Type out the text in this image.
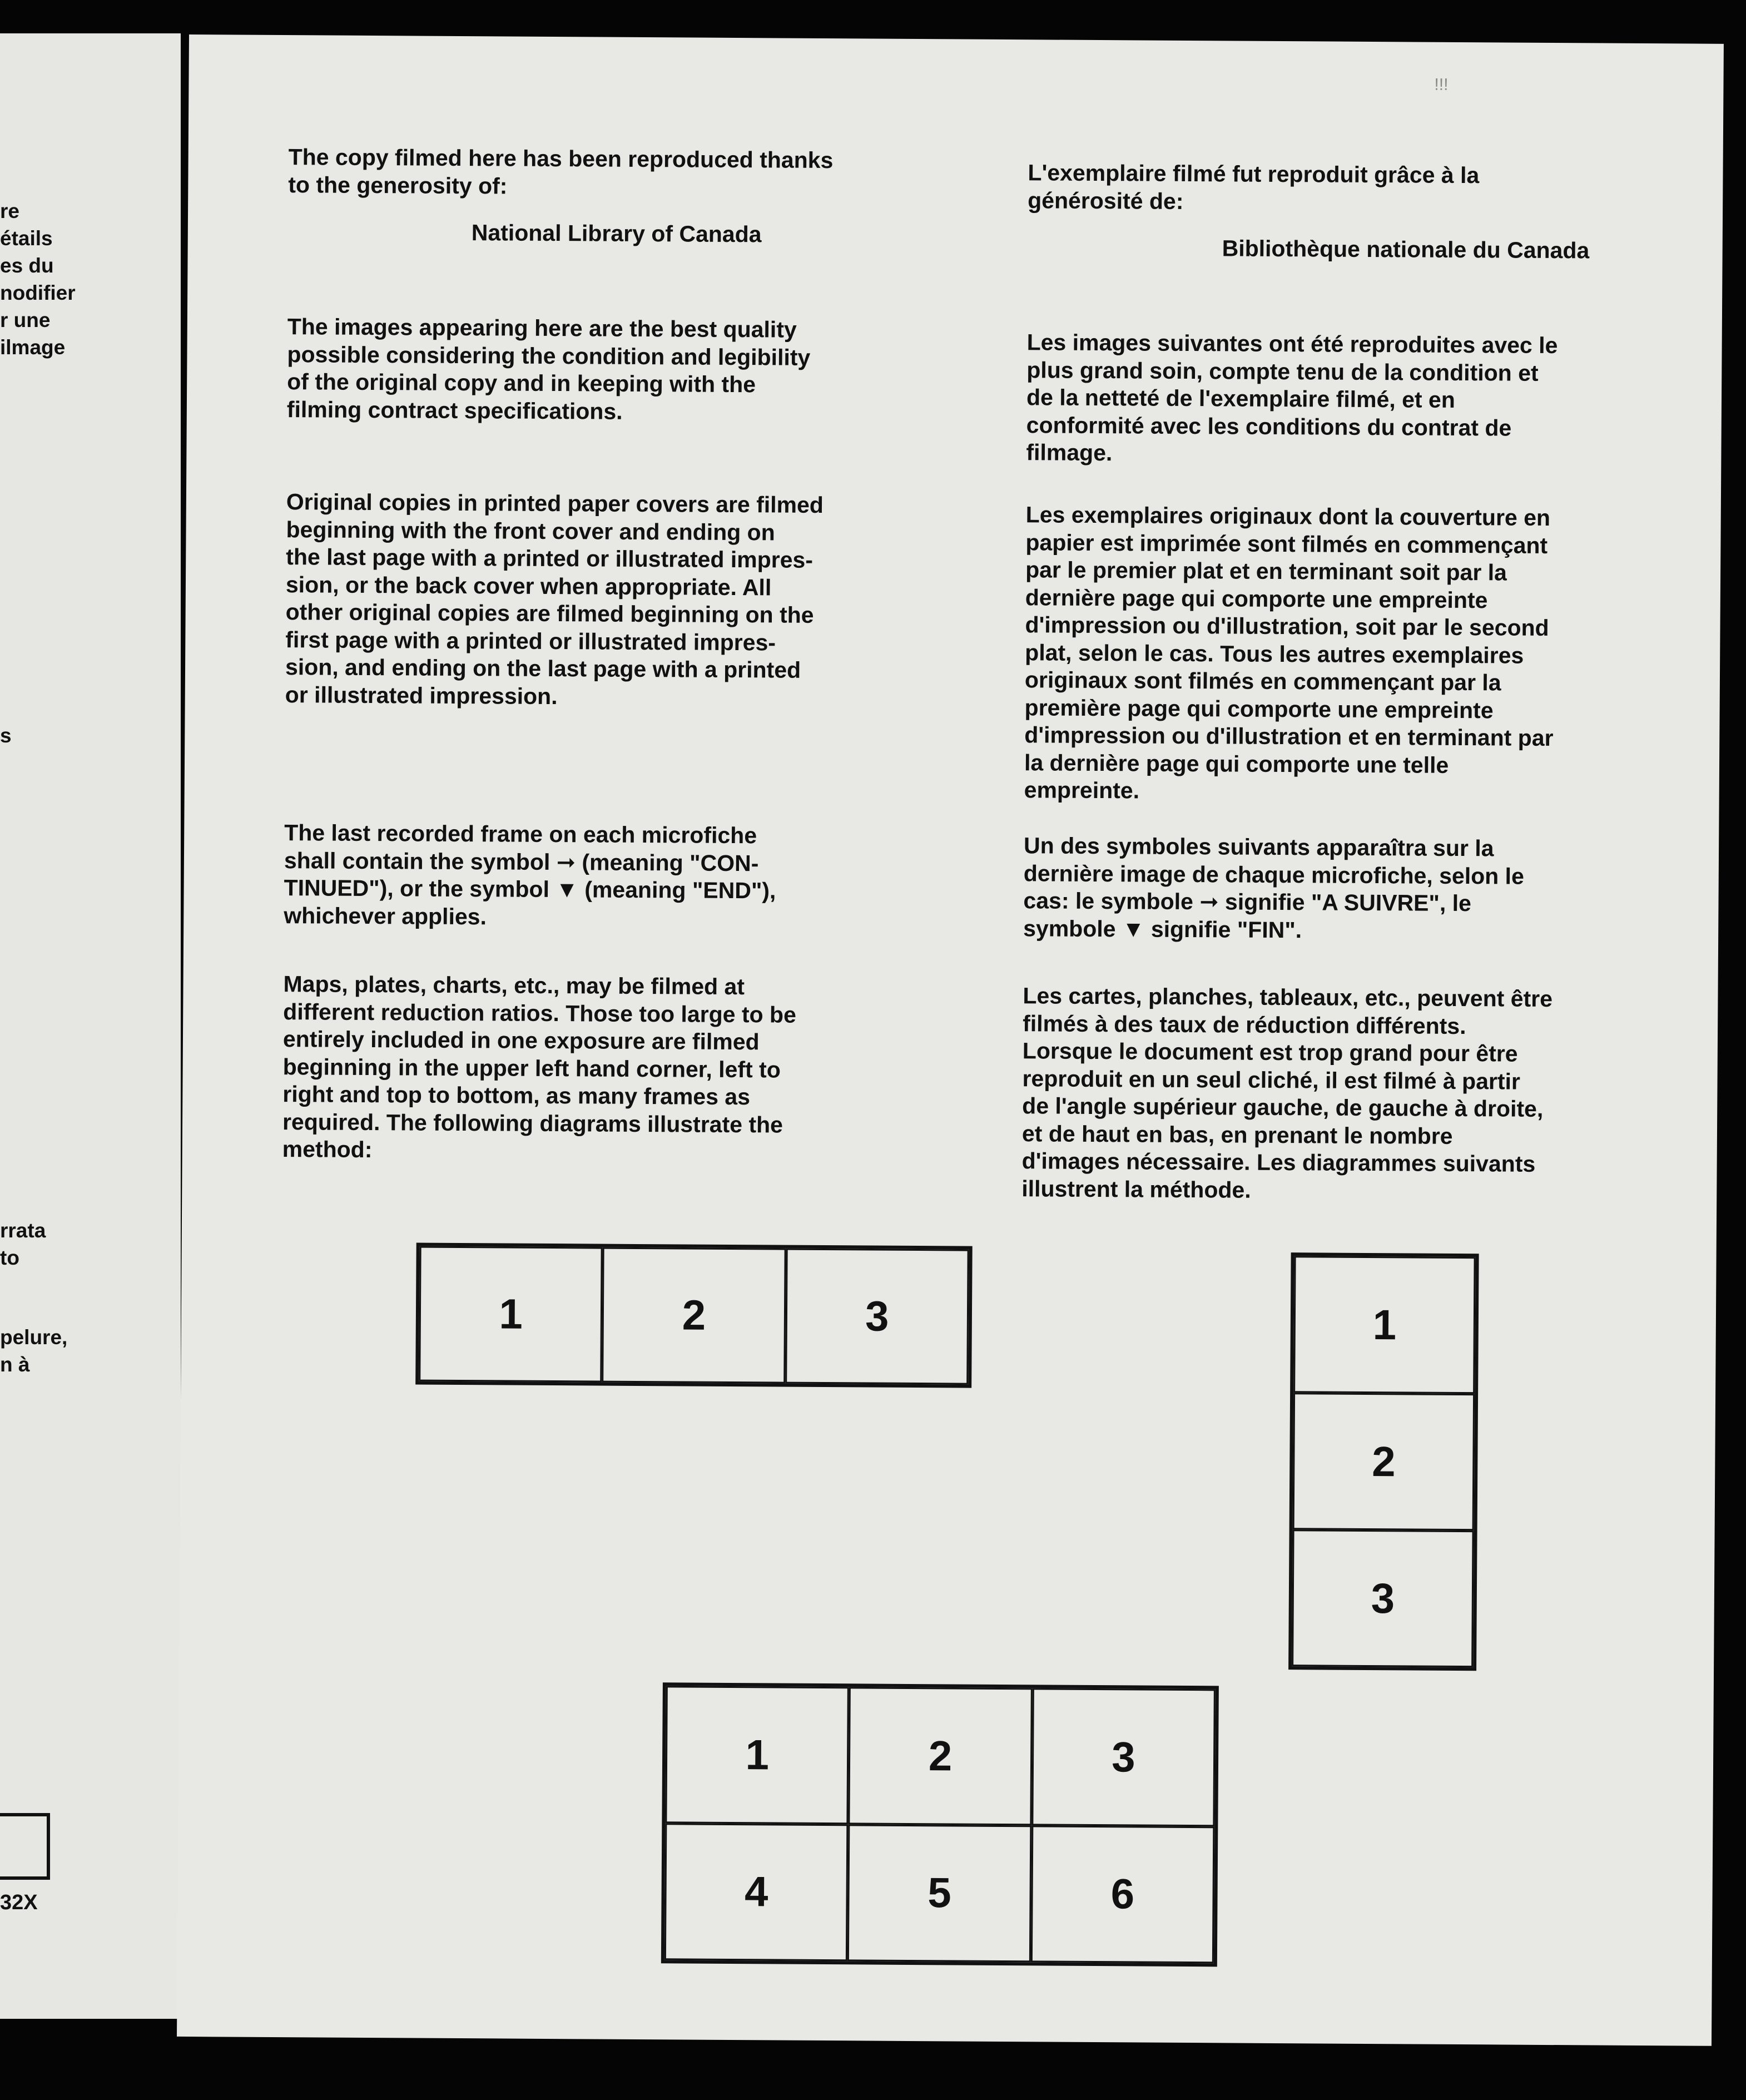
re

étails

es du

nodifier

r une

ilmage

s

rrata

to

pelure,

n à

32X

!!!

The copy filmed here has been reproduced thanks
to the generosity of:

National Library of Canada

The images appearing here are the best quality
possible considering the condition and legibility
of the original copy and in keeping with the
filming contract specifications.

Original copies in printed paper covers are filmed
beginning with the front cover and ending on
the last page with a printed or illustrated impres-
sion, or the back cover when appropriate. All
other original copies are filmed beginning on the
first page with a printed or illustrated impres-
sion, and ending on the last page with a printed
or illustrated impression.

The last recorded frame on each microfiche
shall contain the symbol ➞ (meaning "CON-
TINUED"), or the symbol ▼ (meaning "END"),
whichever applies.

Maps, plates, charts, etc., may be filmed at
different reduction ratios. Those too large to be
entirely included in one exposure are filmed
beginning in the upper left hand corner, left to
right and top to bottom, as many frames as
required. The following diagrams illustrate the
method:

L'exemplaire filmé fut reproduit grâce à la
générosité de:

Bibliothèque nationale du Canada

Les images suivantes ont été reproduites avec le
plus grand soin, compte tenu de la condition et
de la netteté de l'exemplaire filmé, et en
conformité avec les conditions du contrat de
filmage.

Les exemplaires originaux dont la couverture en
papier est imprimée sont filmés en commençant
par le premier plat et en terminant soit par la
dernière page qui comporte une empreinte
d'impression ou d'illustration, soit par le second
plat, selon le cas. Tous les autres exemplaires
originaux sont filmés en commençant par la
première page qui comporte une empreinte
d'impression ou d'illustration et en terminant par
la dernière page qui comporte une telle
empreinte.

Un des symboles suivants apparaîtra sur la
dernière image de chaque microfiche, selon le
cas: le symbole ➞ signifie "A SUIVRE", le
symbole ▼ signifie "FIN".

Les cartes, planches, tableaux, etc., peuvent être
filmés à des taux de réduction différents.
Lorsque le document est trop grand pour être
reproduit en un seul cliché, il est filmé à partir
de l'angle supérieur gauche, de gauche à droite,
et de haut en bas, en prenant le nombre
d'images nécessaire. Les diagrammes suivants
illustrent la méthode.

1	2	3	1
2
3
1	2	3
4	5	6
